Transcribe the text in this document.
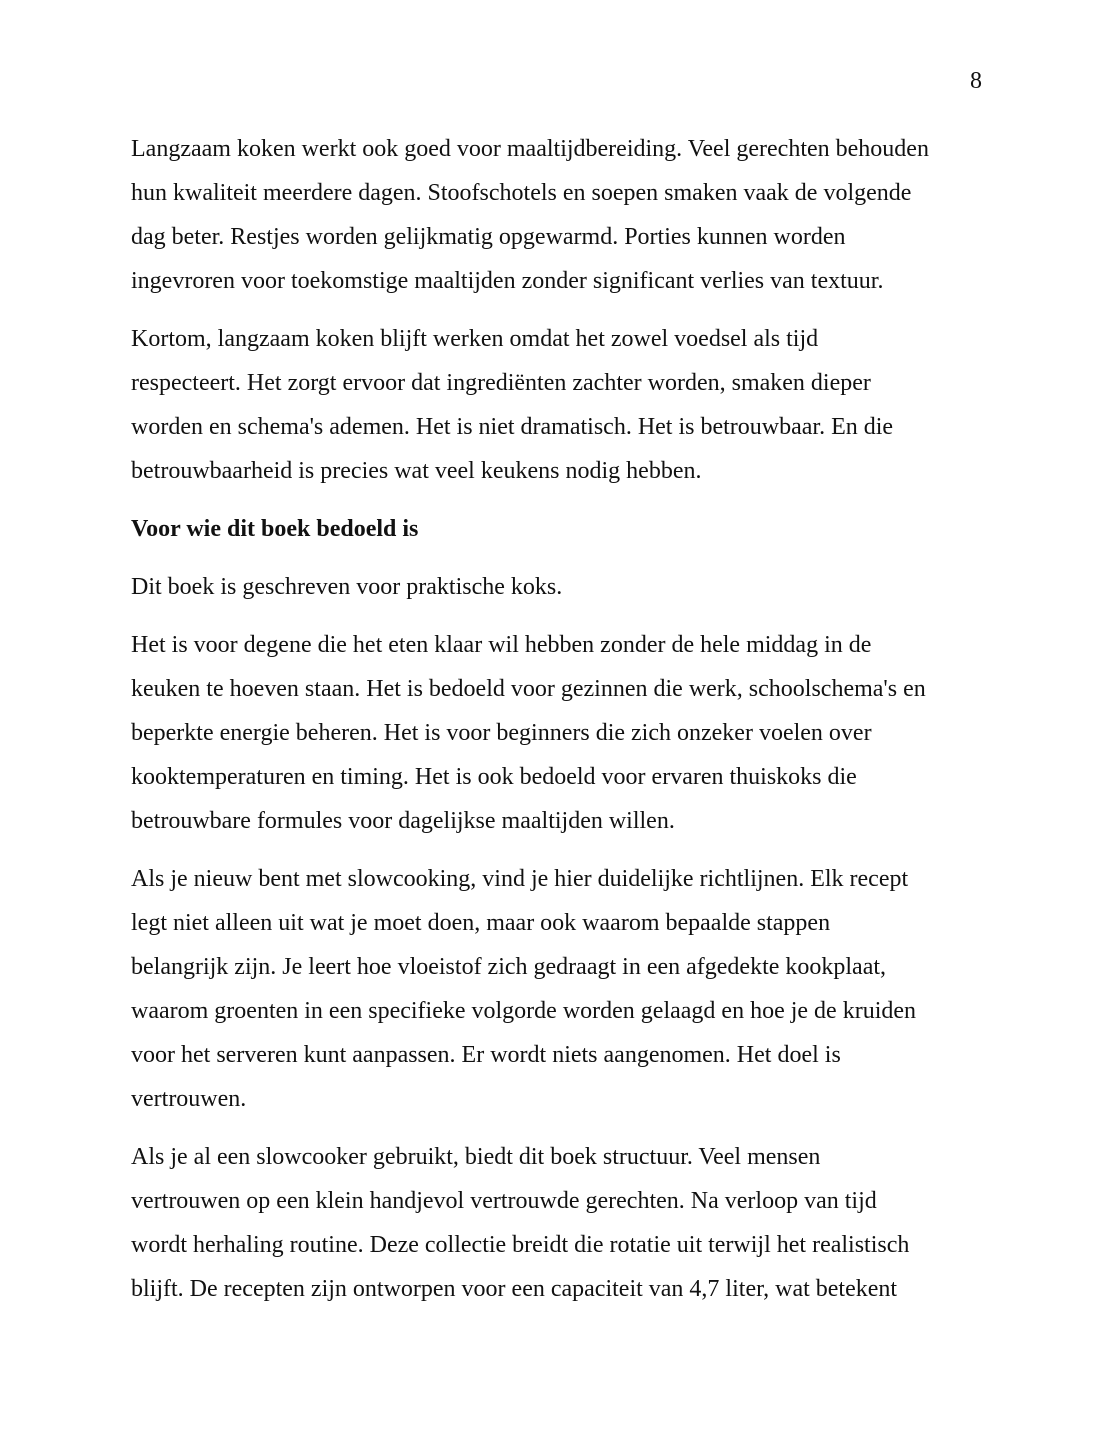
8
Langzaam koken werkt ook goed voor maaltijdbereiding. Veel gerechten behouden
hun kwaliteit meerdere dagen. Stoofschotels en soepen smaken vaak de volgende
dag beter. Restjes worden gelijkmatig opgewarmd. Porties kunnen worden
ingevroren voor toekomstige maaltijden zonder significant verlies van textuur.
Kortom, langzaam koken blijft werken omdat het zowel voedsel als tijd
respecteert. Het zorgt ervoor dat ingrediënten zachter worden, smaken dieper
worden en schema's ademen. Het is niet dramatisch. Het is betrouwbaar. En die
betrouwbaarheid is precies wat veel keukens nodig hebben.
Voor wie dit boek bedoeld is
Dit boek is geschreven voor praktische koks.
Het is voor degene die het eten klaar wil hebben zonder de hele middag in de
keuken te hoeven staan. Het is bedoeld voor gezinnen die werk, schoolschema's en
beperkte energie beheren. Het is voor beginners die zich onzeker voelen over
kooktemperaturen en timing. Het is ook bedoeld voor ervaren thuiskoks die
betrouwbare formules voor dagelijkse maaltijden willen.
Als je nieuw bent met slowcooking, vind je hier duidelijke richtlijnen. Elk recept
legt niet alleen uit wat je moet doen, maar ook waarom bepaalde stappen
belangrijk zijn. Je leert hoe vloeistof zich gedraagt in een afgedekte kookplaat,
waarom groenten in een specifieke volgorde worden gelaagd en hoe je de kruiden
voor het serveren kunt aanpassen. Er wordt niets aangenomen. Het doel is
vertrouwen.
Als je al een slowcooker gebruikt, biedt dit boek structuur. Veel mensen
vertrouwen op een klein handjevol vertrouwde gerechten. Na verloop van tijd
wordt herhaling routine. Deze collectie breidt die rotatie uit terwijl het realistisch
blijft. De recepten zijn ontworpen voor een capaciteit van 4,7 liter, wat betekent
